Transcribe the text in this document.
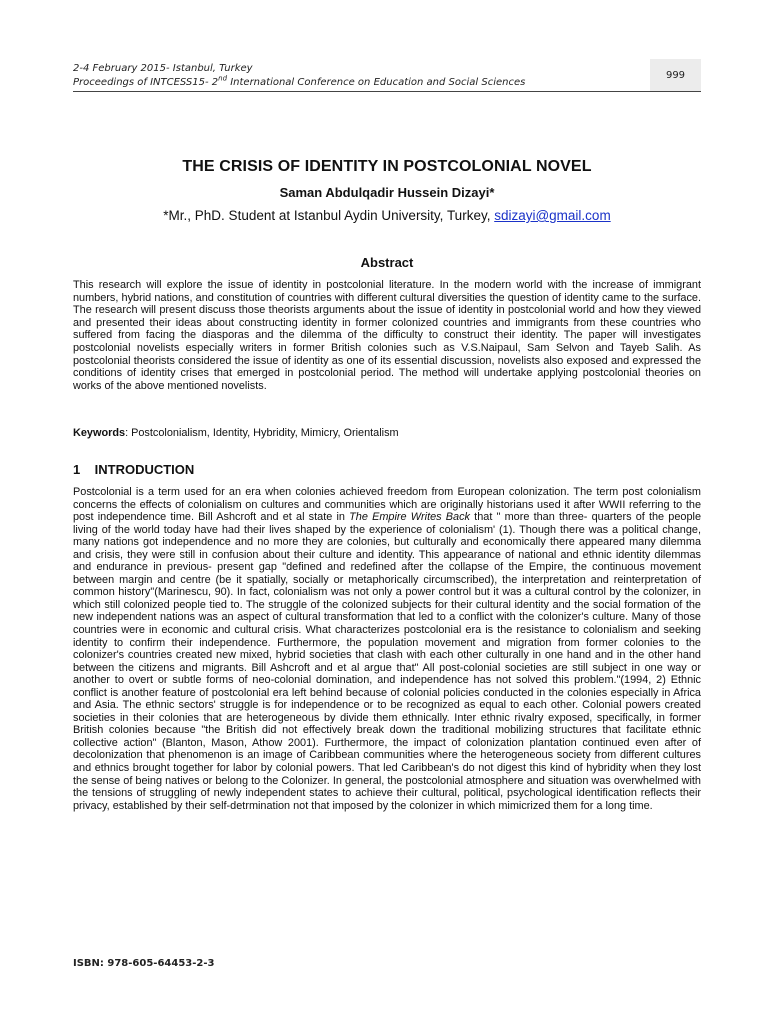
2-4 February 2015- Istanbul, Turkey
Proceedings of INTCESS15- 2nd International Conference on Education and Social Sciences
999
THE CRISIS OF IDENTITY IN POSTCOLONIAL NOVEL
Saman Abdulqadir Hussein Dizayi*
*Mr., PhD. Student at Istanbul Aydin University, Turkey, sdizayi@gmail.com
Abstract

This research will explore the issue of identity in postcolonial literature. In the modern world with the increase of immigrant numbers, hybrid nations, and constitution of countries with different cultural diversities the question of identity came to the surface. The research will present discuss those theorists arguments about the issue of identity in postcolonial world and how they viewed and presented their ideas about constructing identity in former colonized countries and immigrants from these countries who suffered from facing the diasporas and the dilemma of the difficulty to construct their identity. The paper will investigates postcolonial novelists especially writers in former British colonies such as V.S.Naipaul, Sam Selvon and Tayeb Salih. As postcolonial theorists considered the issue of identity as one of its essential discussion, novelists also exposed and expressed the conditions of identity crises that emerged in postcolonial period. The method will undertake applying postcolonial theories on works of the above mentioned novelists.

Keywords: Postcolonialism, Identity, Hybridity, Mimicry, Orientalism

1 INTRODUCTION

Postcolonial is a term used for an era when colonies achieved freedom from European colonization. The term post colonialism concerns the effects of colonialism on cultures and communities which are originally historians used it after WWII referring to the post independence time. Bill Ashcroft and et al state in The Empire Writes Back that " more than three- quarters of the people living of the world today have had their lives shaped by the experience of colonialism' (1). Though there was a political change, many nations got independence and no more they are colonies, but culturally and economically there appeared many dilemma and crisis, they were still in confusion about their culture and identity. This appearance of national and ethnic identity dilemmas and endurance in previous- present gap "defined and redefined after the collapse of the Empire, the continuous movement between margin and centre (be it spatially, socially or metaphorically circumscribed), the interpretation and reinterpretation of common history"(Marinescu, 90). In fact, colonialism was not only a power control but it was a cultural control by the colonizer, in which still colonized people tied to. The struggle of the colonized subjects for their cultural identity and the social formation of the new independent nations was an aspect of cultural transformation that led to a conflict with the colonizer's culture. Many of those countries were in economic and cultural crisis. What characterizes postcolonial era is the resistance to colonialism and seeking identity to confirm their independence. Furthermore, the population movement and migration from former colonies to the colonizer's countries created new mixed, hybrid societies that clash with each other culturally in one hand and in the other hand between the citizens and migrants. Bill Ashcroft and et al argue that" All post-colonial societies are still subject in one way or another to overt or subtle forms of neo-colonial domination, and independence has not solved this problem."(1994, 2) Ethnic conflict is another feature of postcolonial era left behind because of colonial policies conducted in the colonies especially in Africa and Asia. The ethnic sectors' struggle is for independence or to be recognized as equal to each other. Colonial powers created societies in their colonies that are heterogeneous by divide them ethnically. Inter ethnic rivalry exposed, specifically, in former British colonies because "the British did not effectively break down the traditional mobilizing structures that facilitate ethnic collective action" (Blanton, Mason, Athow 2001). Furthermore, the impact of colonization plantation continued even after of decolonization that phenomenon is an image of Caribbean communities where the heterogeneous society from different cultures and ethnics brought together for labor by colonial powers. That led Caribbean's do not digest this kind of hybridity when they lost the sense of being natives or belong to the Colonizer. In general, the postcolonial atmosphere and situation was overwhelmed with the tensions of struggling of newly independent states to achieve their cultural, political, psychological identification reflects their privacy, established by their self-detrmination not that imposed by the colonizer in which mimicrized them for a long time.

ISBN: 978-605-64453-2-3
